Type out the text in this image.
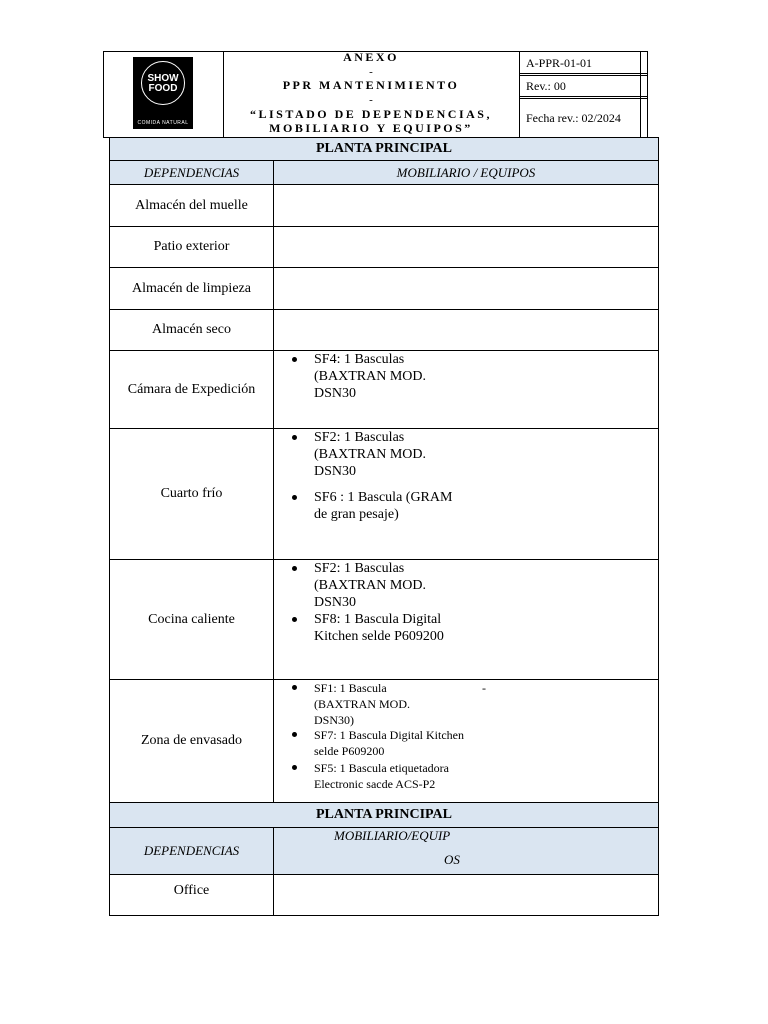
SHOW
FOOD
COMIDA NATURAL
ANEXO
-
PPR MANTENIMIENTO
-
“LISTADO DE DEPENDENCIAS,
MOBILIARIO Y EQUIPOS”
A-PPR-01-01
Rev.: 00
Fecha rev.: 02/2024
PLANTA PRINCIPAL
DEPENDENCIAS	MOBILIARIO / EQUIPOS
Almacén del muelle
Patio exterior
Almacén de limpieza
Almacén seco
Cámara de Expedición
SF4: 1 Basculas (BAXTRAN MOD. DSN30
Cuarto frío
SF2: 1 Basculas (BAXTRAN MOD. DSN30
SF6 : 1 Bascula (GRAM de gran pesaje)
Cocina caliente
SF2: 1 Basculas (BAXTRAN MOD. DSN30
SF8: 1 Bascula Digital Kitchen selde P609200
Zona de envasado
SF1: 1 Bascula (BAXTRAN MOD. DSN30)
-
SF7: 1 Bascula Digital Kitchen selde P609200
SF5: 1 Bascula etiquetadora Electronic sacde ACS-P2
PLANTA PRINCIPAL
DEPENDENCIAS
MOBILIARIO/EQUIP
OS
Office
